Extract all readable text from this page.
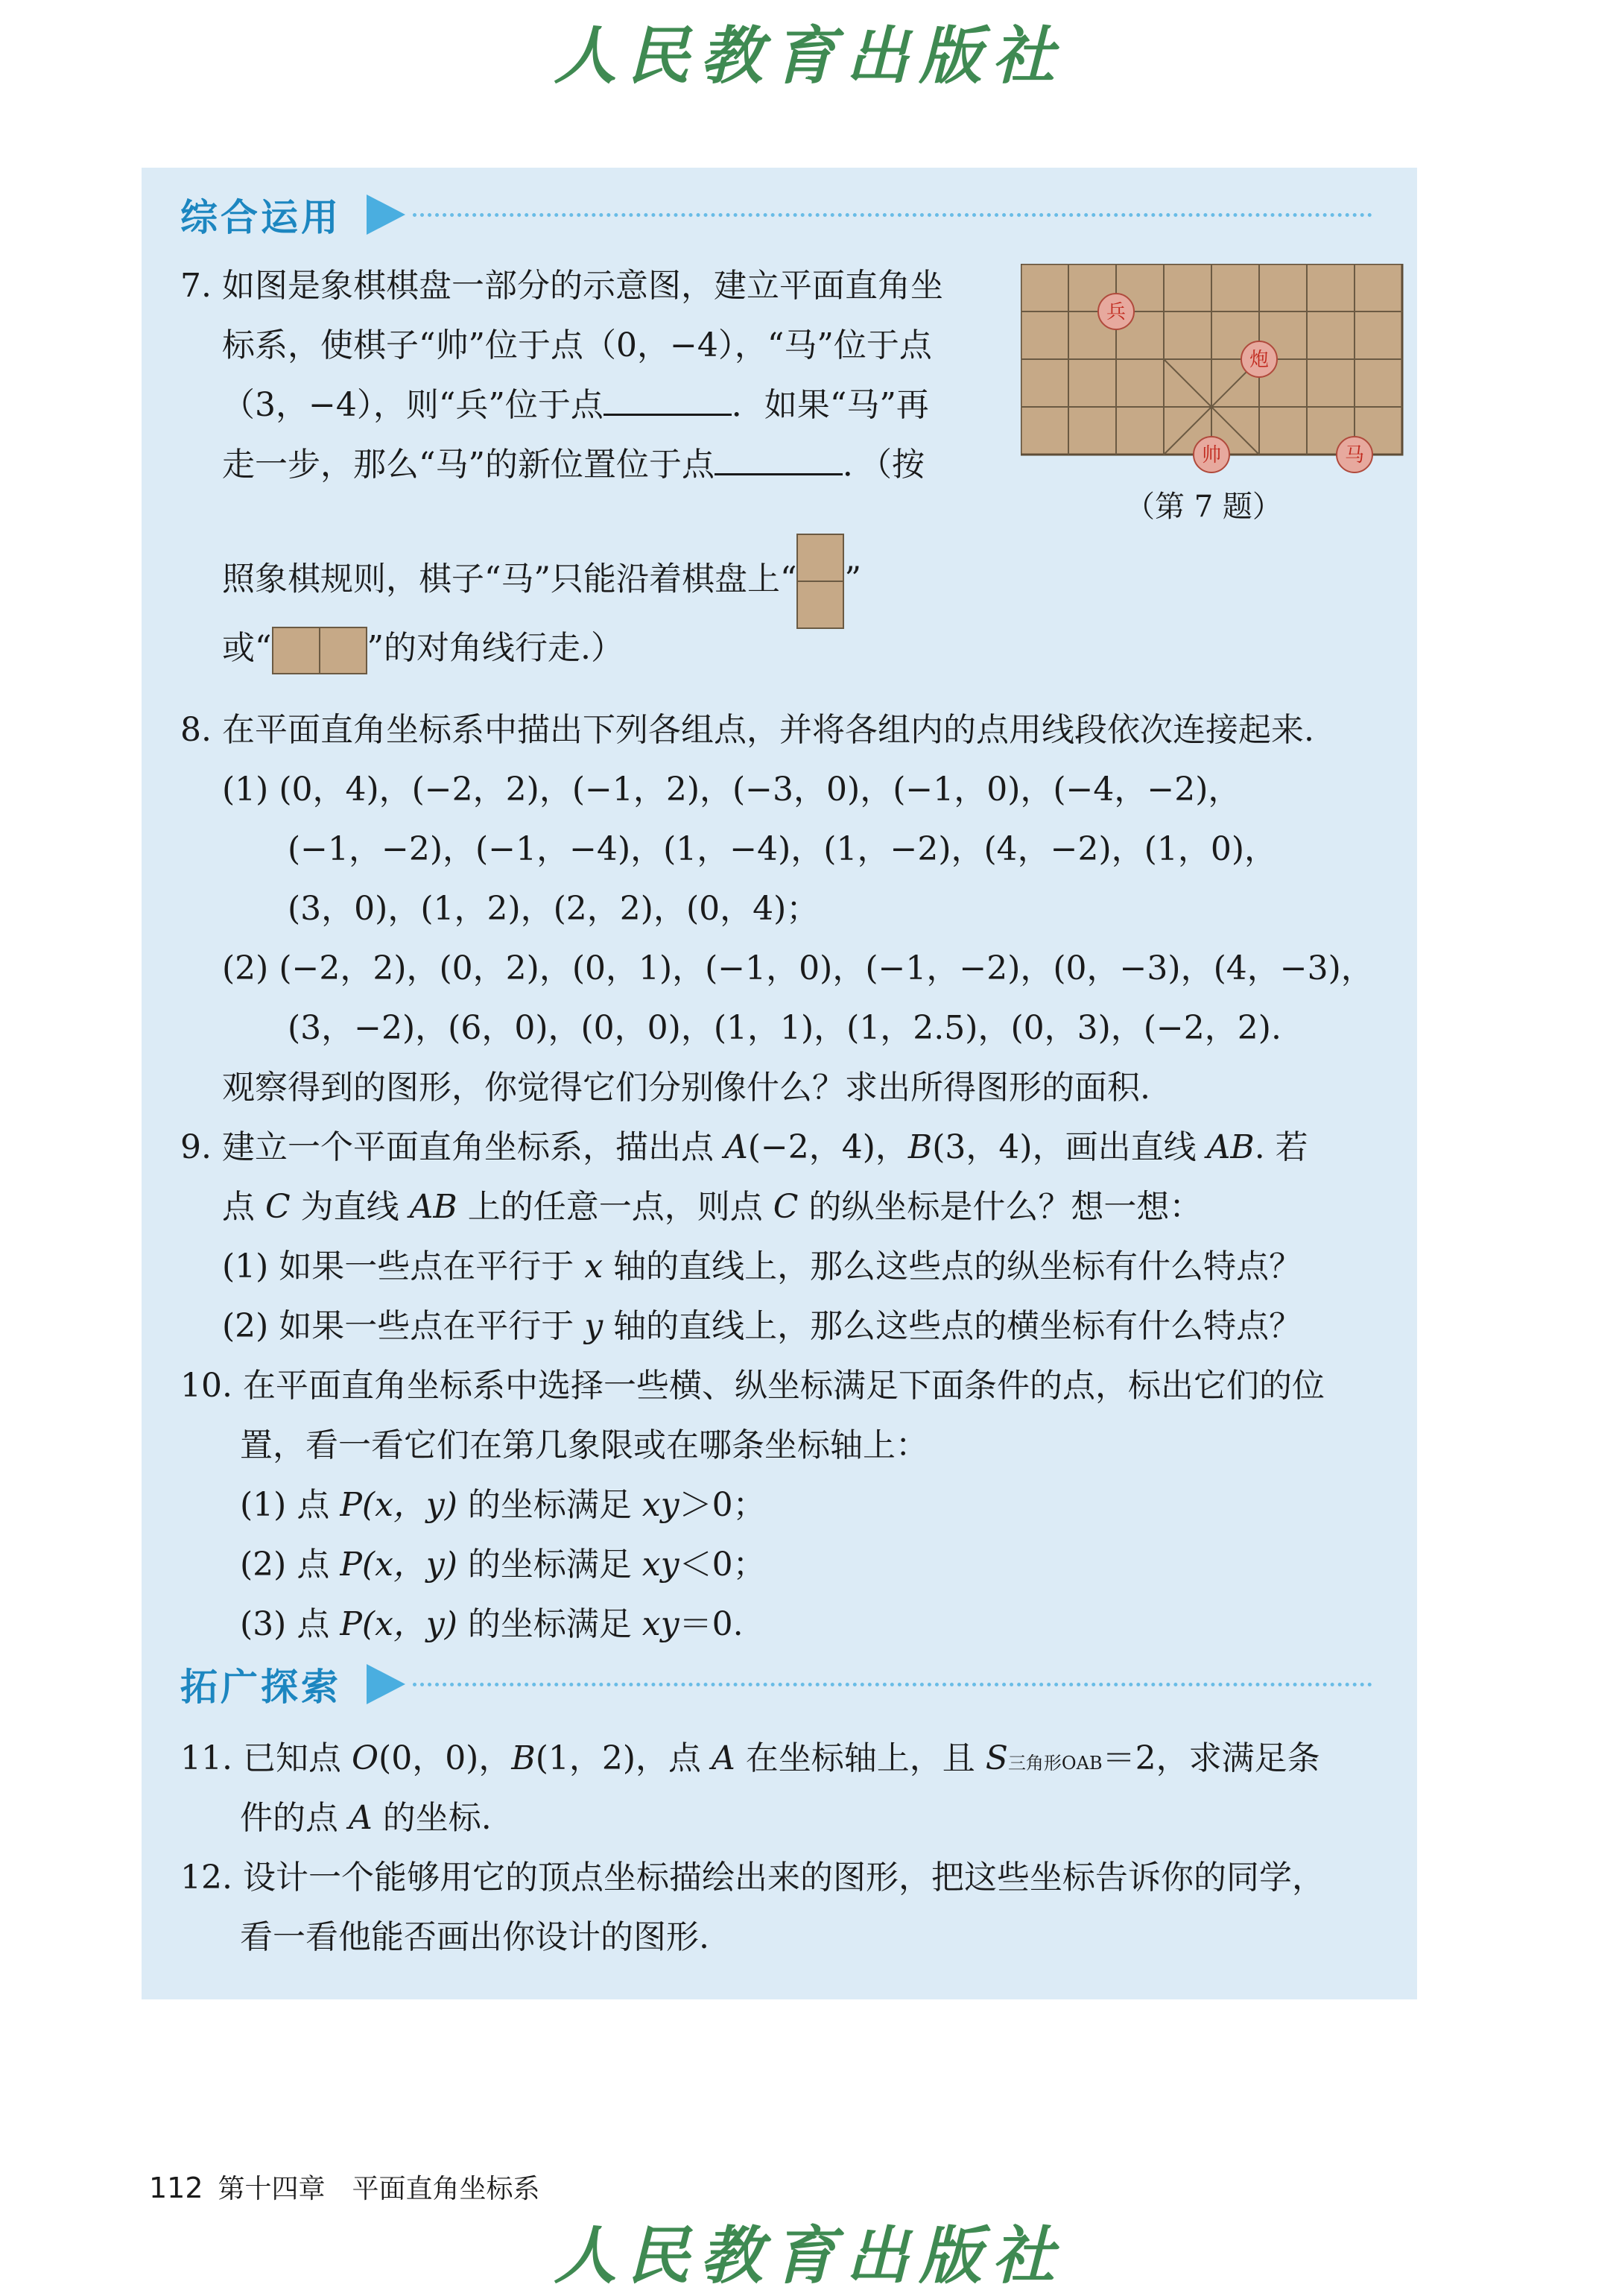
人民教育出版社
综合运用
7. 如图是象棋棋盘一部分的示意图，建立平面直角坐
标系，使棋子“帅”位于点（0，−4），“马”位于点
（3，−4），则“兵”位于点	．如果“马”再
走一步，那么“马”的新位置位于点	．（按
照象棋规则，棋子“马”只能沿着棋盘上“ ”
或“	”的对角线行走.）
兵
炮
帅	马
（第 7 题）
8. 在平面直角坐标系中描出下列各组点，并将各组内的点用线段依次连接起来.
(1) (0，4)，(−2，2)，(−1，2)，(−3，0)，(−1，0)，(−4，−2)，
(−1，−2)，(−1，−4)，(1，−4)，(1，−2)，(4，−2)，(1，0)，
(3，0)，(1，2)，(2，2)，(0，4)；
(2) (−2，2)，(0，2)，(0，1)，(−1，0)，(−1，−2)，(0，−3)，(4，−3)，
(3，−2)，(6，0)，(0，0)，(1，1)，(1，2.5)，(0，3)，(−2，2).
观察得到的图形，你觉得它们分别像什么？求出所得图形的面积.
9. 建立一个平面直角坐标系，描出点 A(−2，4)，B(3，4)，画出直线 AB. 若
点 C 为直线 AB 上的任意一点，则点 C 的纵坐标是什么？想一想：
(1) 如果一些点在平行于 x 轴的直线上，那么这些点的纵坐标有什么特点？
(2) 如果一些点在平行于 y 轴的直线上，那么这些点的横坐标有什么特点？
10. 在平面直角坐标系中选择一些横、纵坐标满足下面条件的点，标出它们的位
置，看一看它们在第几象限或在哪条坐标轴上：
(1) 点 P(x，y) 的坐标满足 xy＞0；
(2) 点 P(x，y) 的坐标满足 xy＜0；
(3) 点 P(x，y) 的坐标满足 xy＝0.
拓广探索
11. 已知点 O(0，0)，B(1，2)，点 A 在坐标轴上，且 S三角形OAB＝2，求满足条
件的点 A 的坐标.
12. 设计一个能够用它的顶点坐标描绘出来的图形，把这些坐标告诉你的同学，
看一看他能否画出你设计的图形.
112 第十四章 平面直角坐标系
人民教育出版社
